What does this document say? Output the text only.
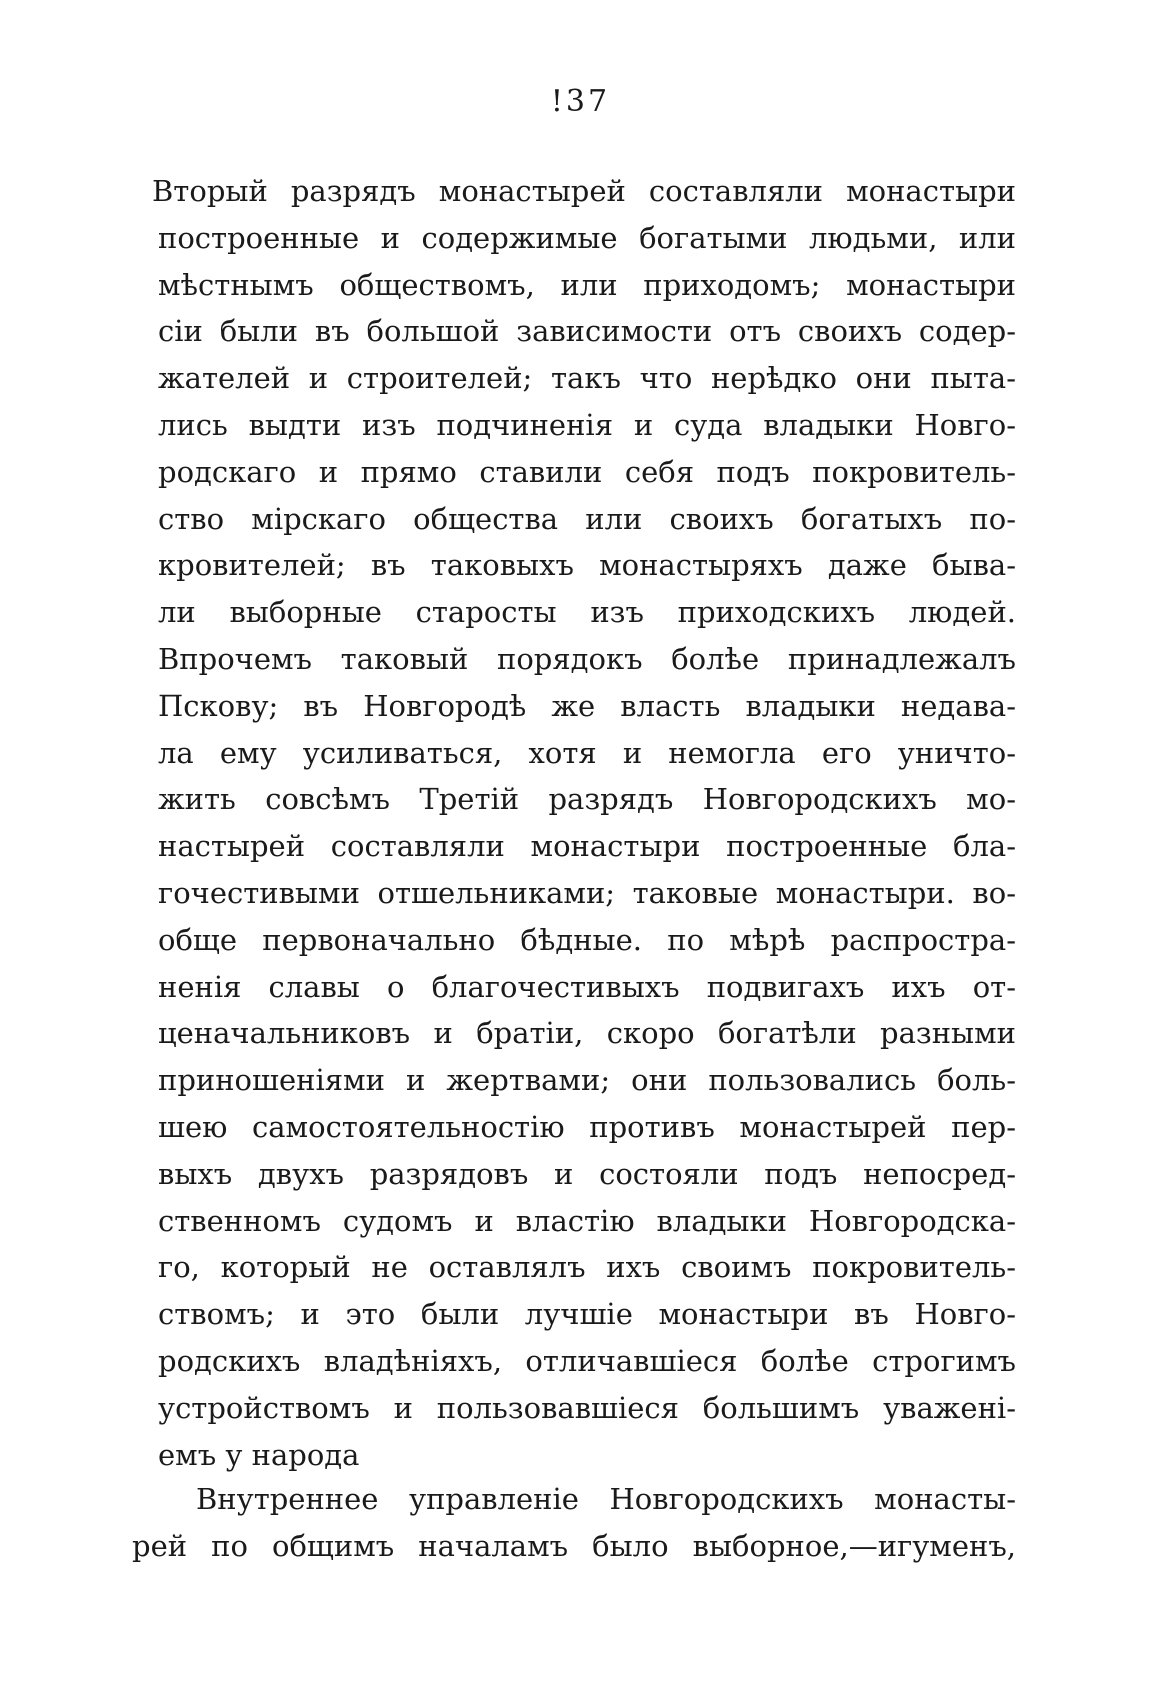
!37
Вторый разрядъ монастырей составляли монастыри
построенные и содержимые богатыми людьми, или
мѣстнымъ обществомъ, или приходомъ; монастыри
сіи были въ большой зависимости отъ своихъ содер-
жателей и строителей; такъ что нерѣдко они пыта-
лись выдти изъ подчиненія и суда владыки Новго-
родскаго и прямо ставили себя подъ покровитель-
ство мірскаго общества или своихъ богатыхъ по-
кровителей; въ таковыхъ монастыряхъ даже быва-
ли выборные старосты изъ приходскихъ людей.
Впрочемъ таковый порядокъ болѣе принадлежалъ
Пскову; въ Новгородѣ же власть владыки недава-
ла ему усиливаться, хотя и немогла его уничто-
жить совсѣмъ Третій разрядъ Новгородскихъ мо-
настырей составляли монастыри построенные бла-
гочестивыми отшельниками; таковые монастыри. во-
обще первоначально бѣдные. по мѣрѣ распростра-
ненія славы о благочестивыхъ подвигахъ ихъ от-
ценачальниковъ и братіи, скоро богатѣли разными
приношеніями и жертвами; они пользовались боль-
шею самостоятельностію противъ монастырей пер-
выхъ двухъ разрядовъ и состояли подъ непосред-
ственномъ судомъ и властію владыки Новгородска-
го, который не оставлялъ ихъ своимъ покровитель-
ствомъ; и это были лучшіе монастыри въ Новго-
родскихъ владѣніяхъ, отличавшіеся болѣе строгимъ
устройствомъ и пользовавшіеся большимъ уваженi-
емъ у народа
Внутреннее управленіе Новгородскихъ монасты-
рей по общимъ началамъ было выборное,—игуменъ,
